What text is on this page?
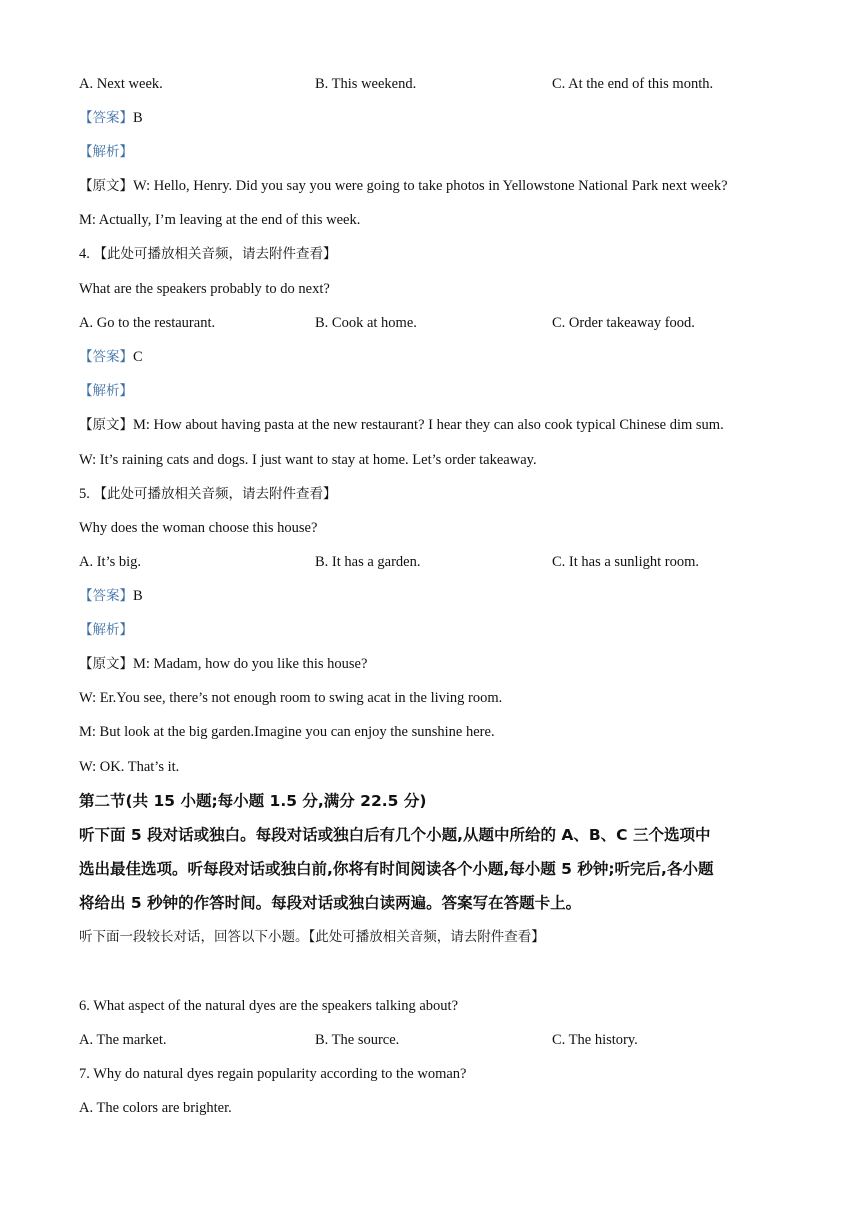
A. Next week.	B. This weekend.	C. At the end of this month.
【答案】B
【解析】
【原文】W: Hello, Henry. Did you say you were going to take photos in Yellowstone National Park next week?
M: Actually, I’m leaving at the end of this week.
4. 【此处可播放相关音频，请去附件查看】
What are the speakers probably to do next?
A. Go to the restaurant.	B. Cook at home.	C. Order takeaway food.
【答案】C
【解析】
【原文】M: How about having pasta at the new restaurant? I hear they can also cook typical Chinese dim sum.
W: It’s raining cats and dogs. I just want to stay at home. Let’s order takeaway.
5. 【此处可播放相关音频，请去附件查看】
Why does the woman choose this house?
A. It’s big.	B. It has a garden.	C. It has a sunlight room.
【答案】B
【解析】
【原文】M: Madam, how do you like this house?
W: Er.You see, there’s not enough room to swing acat in the living room.
M: But look at the big garden.Imagine you can enjoy the sunshine here.
W: OK. That’s it.
第二节(共 15 小题;每小题 1.5 分,满分 22.5 分)
听下面 5 段对话或独白。每段对话或独白后有几个小题,从题中所给的 A、B、C 三个选项中
选出最佳选项。听每段对话或独白前,你将有时间阅读各个小题,每小题 5 秒钟;听完后,各小题
将给出 5 秒钟的作答时间。每段对话或独白读两遍。答案写在答题卡上。
听下面一段较长对话，回答以下小题。【此处可播放相关音频，请去附件查看】
6. What aspect of the natural dyes are the speakers talking about?
A. The market.	B. The source.	C. The history.
7. Why do natural dyes regain popularity according to the woman?
A. The colors are brighter.
